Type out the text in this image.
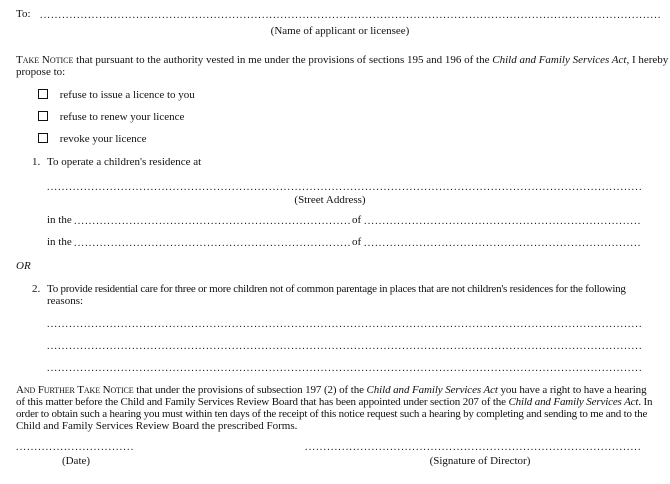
To:
.....
(Name of applicant or licensee)
Take Notice that pursuant to the authority vested in me under the provisions of sections 195 and 196 of the Child and Family Services Act, I hereby
propose to:
refuse to issue a licence to you
refuse to renew your licence
revoke your licence
1. To operate a children's residence at
.....
(Street Address)
in the .....	of
.....
in the .....	of
.....
OR
2. To provide residential care for three or more children not of common parentage in places that are not children's residences for the following
reasons:
.....
.....
.....
And Further Take Notice that under the provisions of subsection 197 (2) of the Child and Family Services Act you have a right to have a hearing
of this matter before the Child and Family Services Review Board that has been appointed under section 207 of the Child and Family Services Act. In
order to obtain such a hearing you must within ten days of the receipt of this notice request such a hearing by completing and sending to me and to the
Child and Family Services Review Board the prescribed Forms.
.....
(Date)
.....	(Signature of Director)
